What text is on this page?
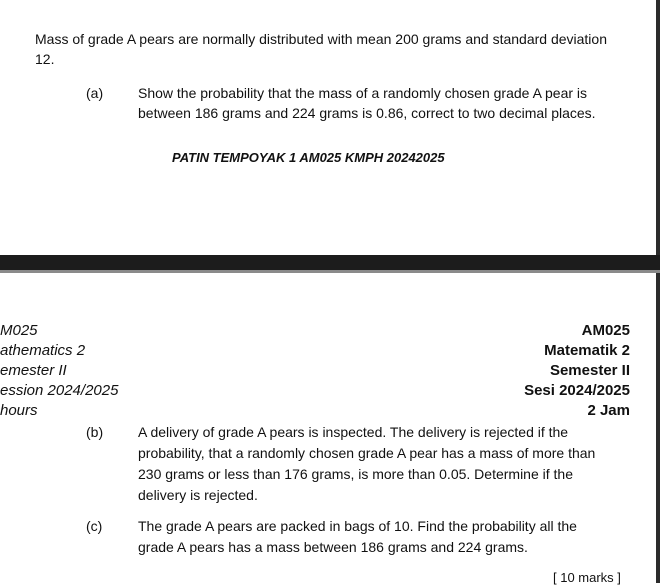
Mass of grade A pears are normally distributed with mean 200 grams and standard deviation
12.
(a) Show the probability that the mass of a randomly chosen grade A pear is
between 186 grams and 224 grams is 0.86, correct to two decimal places.
PATIN TEMPOYAK 1 AM025 KMPH 20242025
M025
athematics 2
emester II
ession 2024/2025
hours
AM025
Matematik 2
Semester II
Sesi 2024/2025
2 Jam
(b) A delivery of grade A pears is inspected. The delivery is rejected if the
probability, that a randomly chosen grade A pear has a mass of more than
230 grams or less than 176 grams, is more than 0.05. Determine if the
delivery is rejected.
(c)	The grade A pears are packed in bags of 10. Find the probability all the
grade A pears has a mass between 186 grams and 224 grams.
[ 10 marks ]
